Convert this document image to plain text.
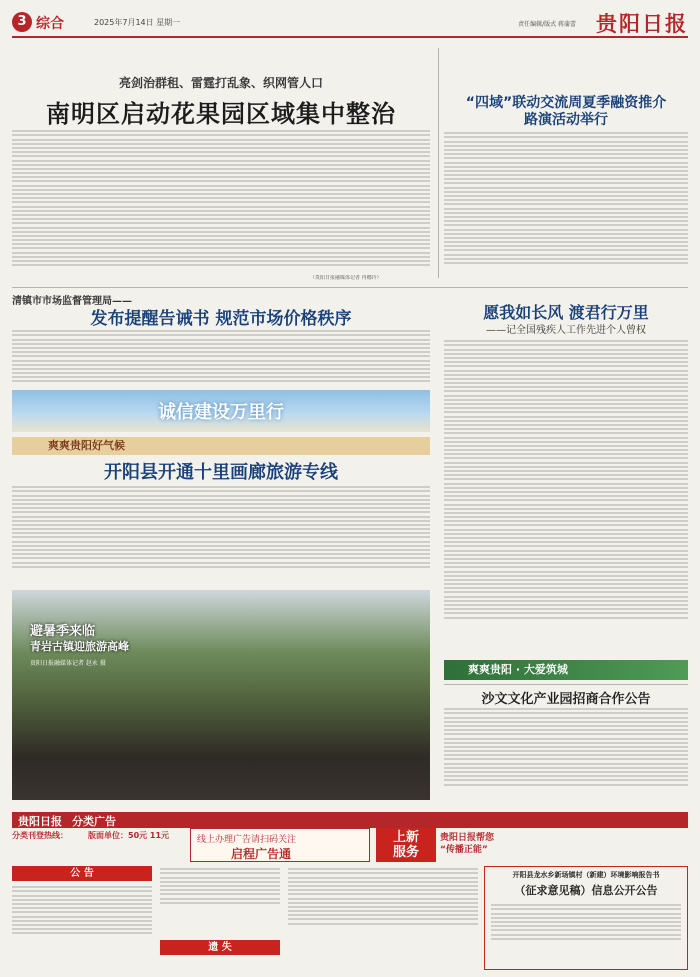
3 综合	2025年7月14日 星期一	责任编辑/版式 蒋蒲蕾 贵阳日报
亮剑治群租、雷霆打乱象、织网管人口
南明区启动花果园区域集中整治
（贵阳日报融媒体记者 冉娜玲）
“四域”联动交流周夏季融资推介
路演活动举行
清镇市市场监督管理局——
发布提醒告诫书 规范市场价格秩序
诚信建设万里行
爽爽贵阳好气候
愿我如长风 渡君行万里
——记全国残疾人工作先进个人曾权
爽爽贵阳 · 大爱筑城
开阳县开通十里画廊旅游专线
避暑季来临
青岩古镇迎旅游高峰
贵阳日报融媒体记者 赵永 摄
沙文文化产业园招商合作公告
贵阳日报 分类广告
分类刊登热线：	版面单位：50元 11元	线上办理广告请扫码关注
启程广告通
上新
服务
贵阳日报帮您
“传播正能”
公 告
遗 失
开阳县龙水乡新场镇村（新建）环境影响报告书
（征求意见稿）信息公开公告
